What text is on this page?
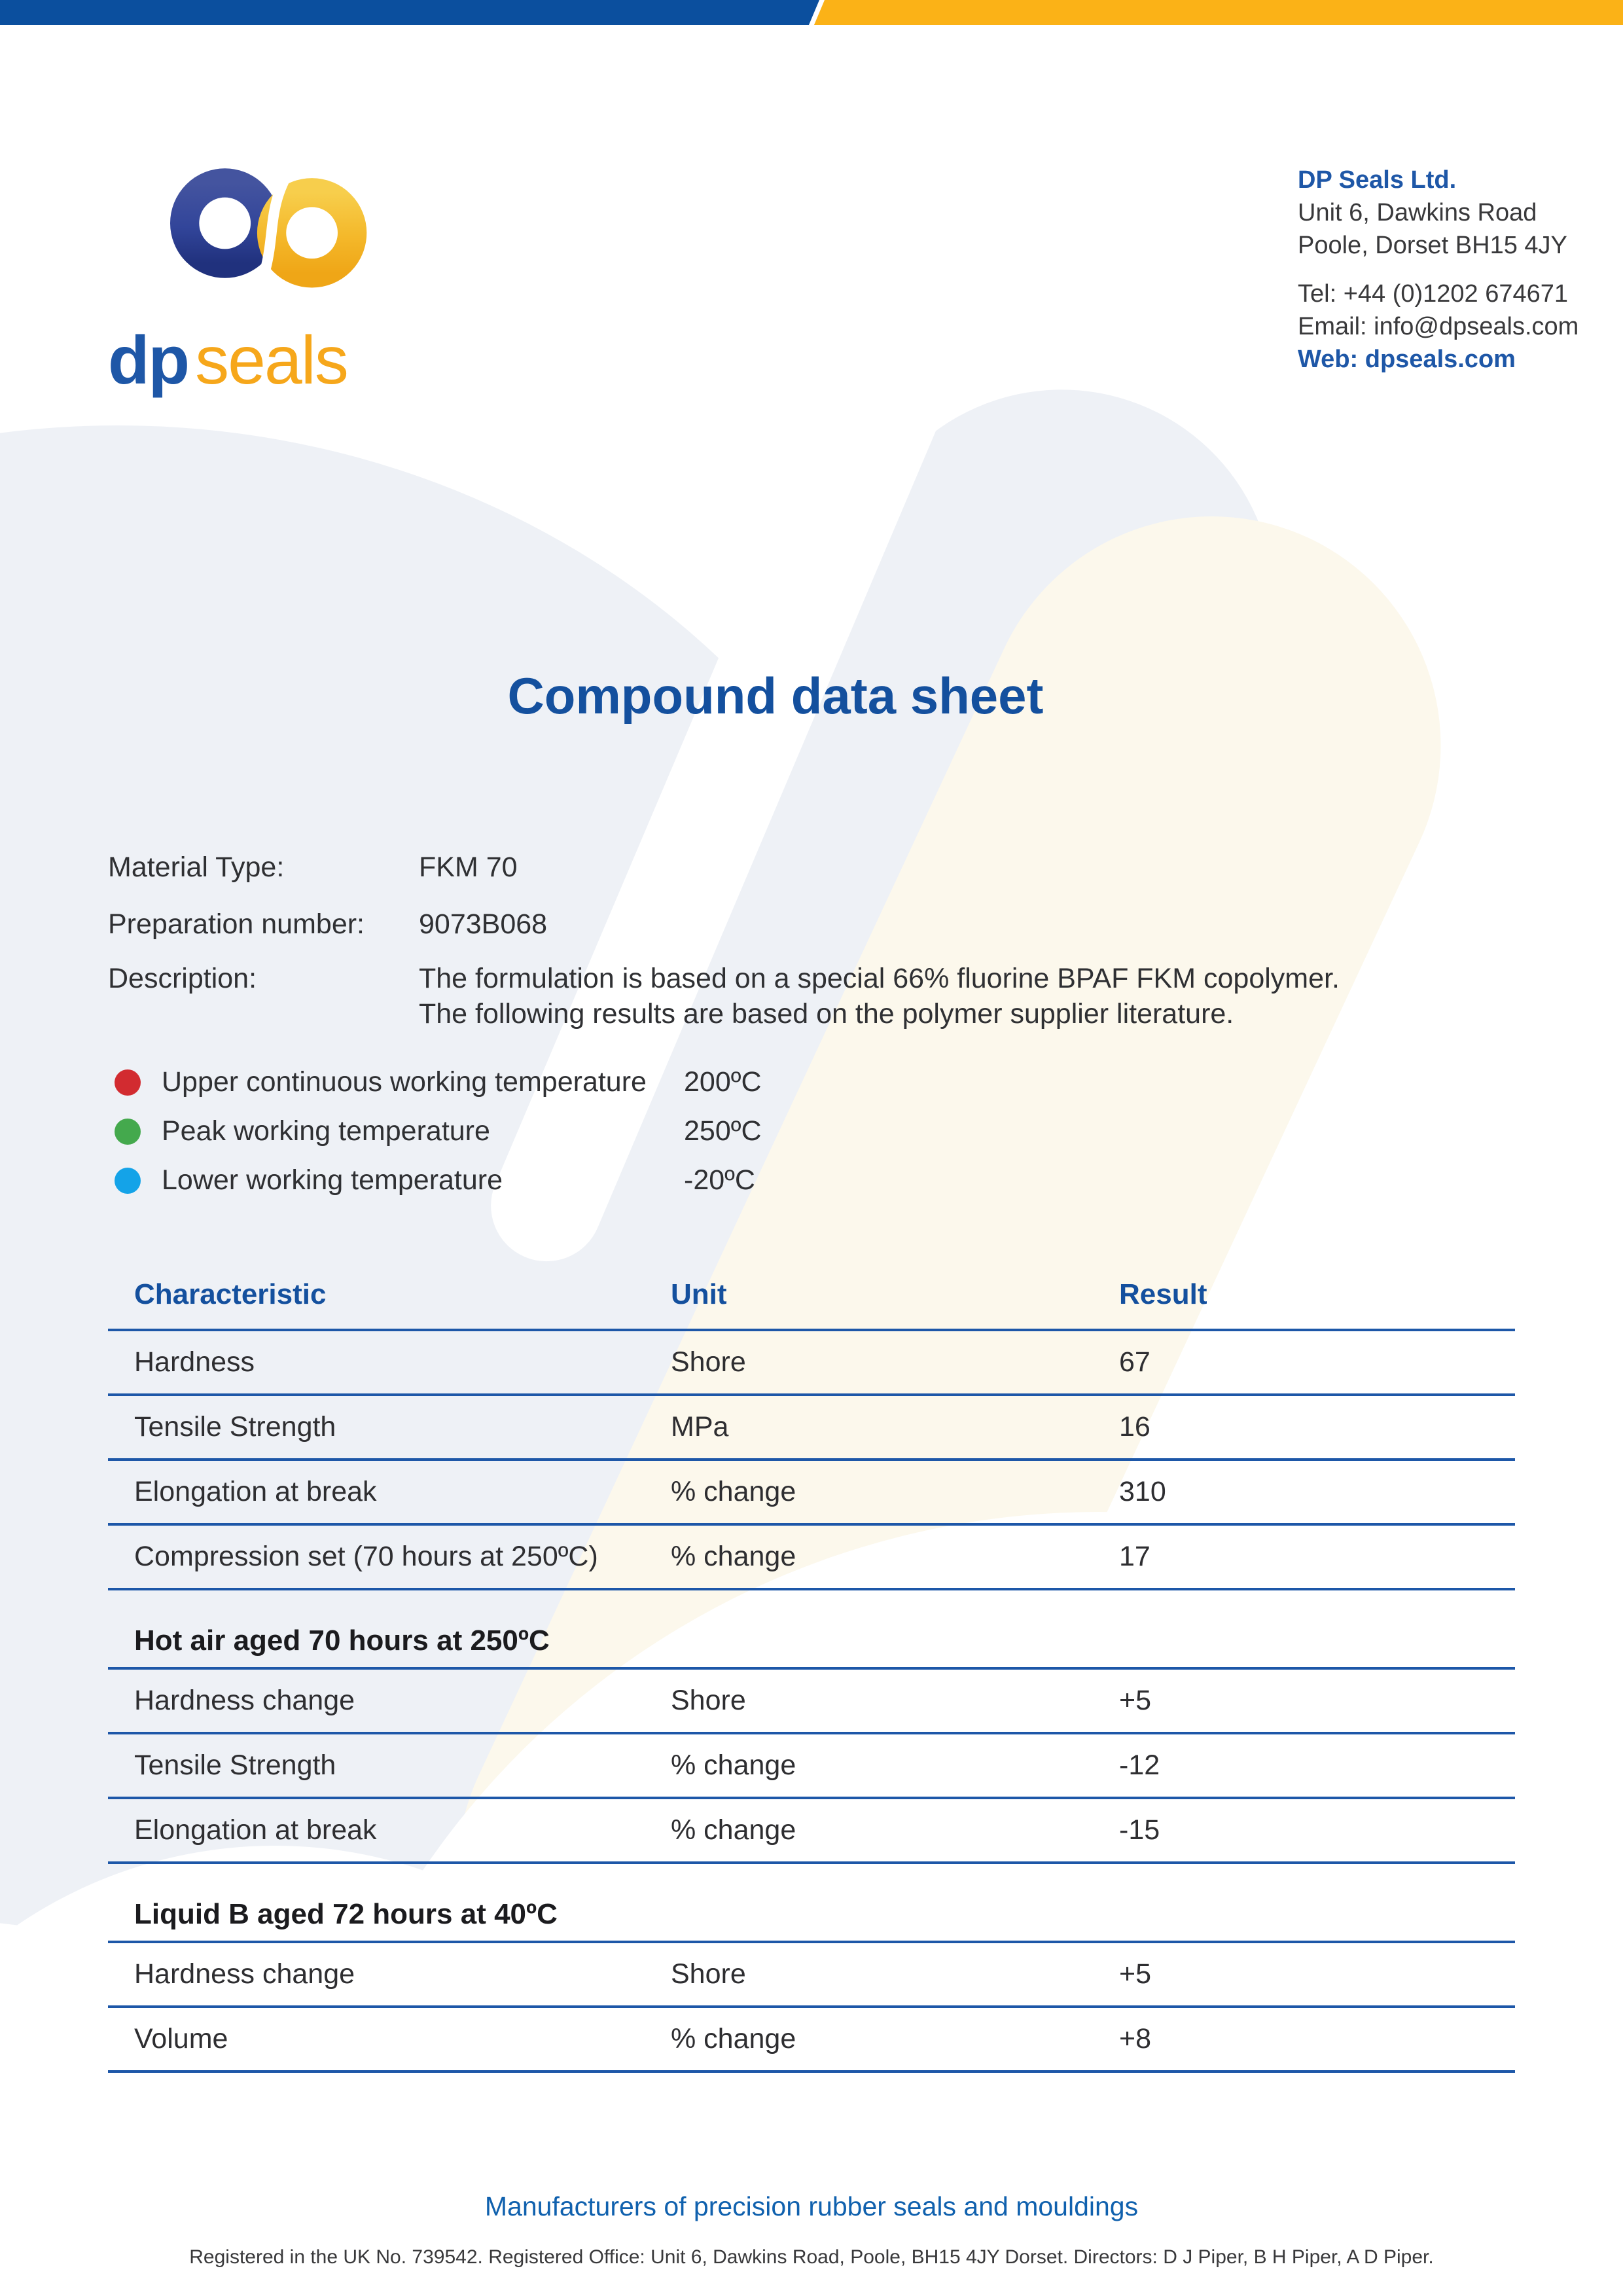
dpseals
DP Seals Ltd.
Unit 6, Dawkins Road
Poole, Dorset BH15 4JY
Tel: +44 (0)1202 674671
Email: info@dpseals.com
Web: dpseals.com
Compound data sheet
Material Type:	FKM 70
Preparation number:	9073B068
Description:	The formulation is based on a special 66% fluorine BPAF FKM copolymer.
The following results are based on the polymer supplier literature.
Upper continuous working temperature	200ºC
Peak working temperature	250ºC
Lower working temperature	-20ºC
Characteristic	Unit	Result
Hardness	Shore	67
Tensile Strength	MPa	16
Elongation at break	% change	310
Compression set (70 hours at 250ºC)	% change	17
Hot air aged 70 hours at 250ºC
Hardness change	Shore	+5
Tensile Strength	% change	-12
Elongation at break	% change	-15
Liquid B aged 72 hours at 40ºC
Hardness change	Shore	+5
Volume	% change	+8
Manufacturers of precision rubber seals and mouldings
Registered in the UK No. 739542. Registered Office: Unit 6, Dawkins Road, Poole, BH15 4JY Dorset. Directors: D J Piper, B H Piper, A D Piper.
